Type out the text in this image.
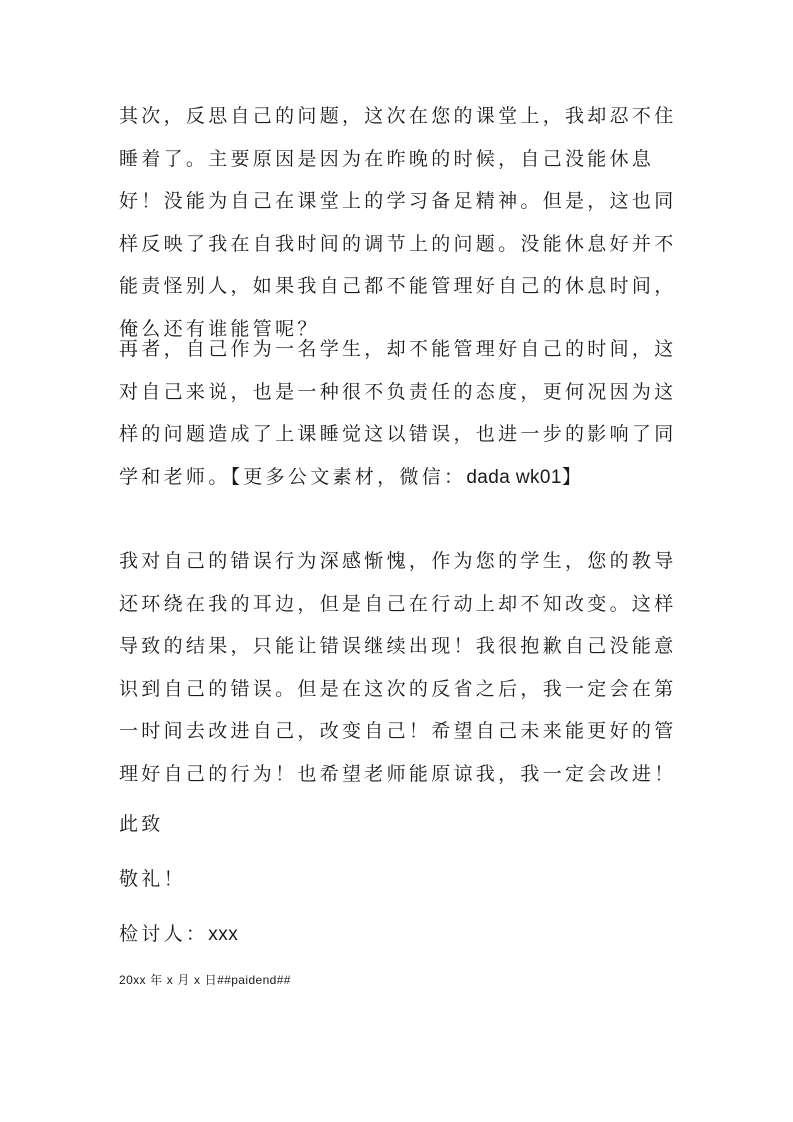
其次，反思自己的问题，这次在您的课堂上，我却忍不住睡着了。主要原因是因为在昨晚的时候，自己没能休息好！没能为自己在课堂上的学习备足精神。但是，这也同样反映了我在自我时间的调节上的问题。没能休息好并不能责怪别人，如果我自己都不能管理好自己的休息时间，俺么还有谁能管呢？

再者，自己作为一名学生，却不能管理好自己的时间，这对自己来说，也是一种很不负责任的态度，更何况因为这样的问题造成了上课睡觉这以错误，也进一步的影响了同学和老师。【更多公文素材，微信：dada wk01】

我对自己的错误行为深感惭愧，作为您的学生，您的教导还环绕在我的耳边，但是自己在行动上却不知改变。这样导致的结果，只能让错误继续出现！我很抱歉自己没能意识到自己的错误。但是在这次的反省之后，我一定会在第一时间去改进自己，改变自己！希望自己未来能更好的管理好自己的行为！也希望老师能原谅我，我一定会改进！

此致

敬礼！

检讨人：xxx

20xx 年 x 月 x 日##paidend##
